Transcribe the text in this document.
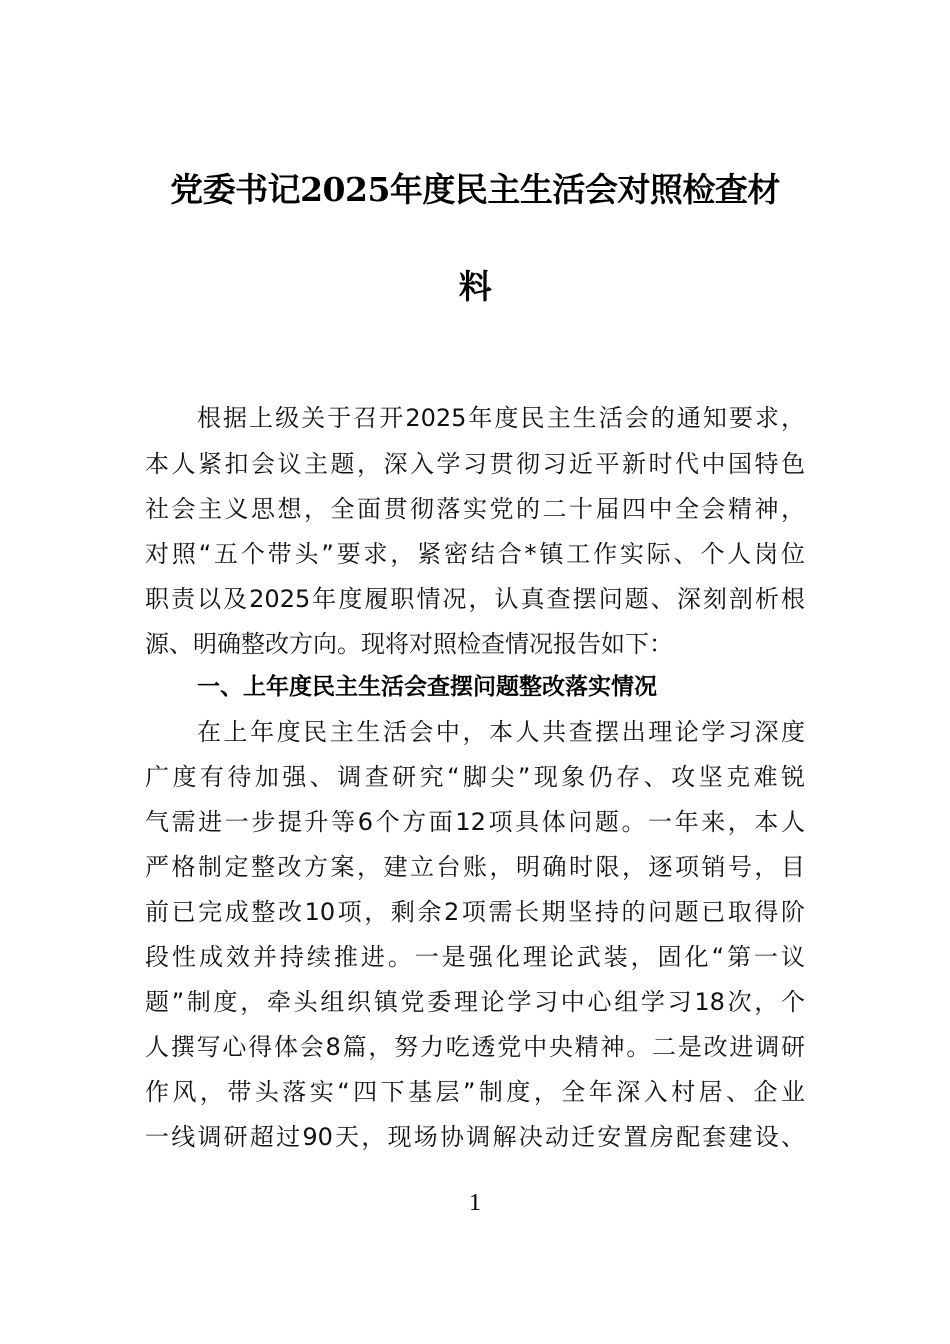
党委书记2025年度民主生活会对照检查材
料
根据上级关于召开2025年度民主生活会的通知要求，
本人紧扣会议主题，深入学习贯彻习近平新时代中国特色
社会主义思想，全面贯彻落实党的二十届四中全会精神，
对照“五个带头”要求，紧密结合*镇工作实际、个人岗位
职责以及2025年度履职情况，认真查摆问题、深刻剖析根
源、明确整改方向。现将对照检查情况报告如下：
一、上年度民主生活会查摆问题整改落实情况
在上年度民主生活会中，本人共查摆出理论学习深度
广度有待加强、调查研究“脚尖”现象仍存、攻坚克难锐
气需进一步提升等6个方面12项具体问题。一年来，本人
严格制定整改方案，建立台账，明确时限，逐项销号，目
前已完成整改10项，剩余2项需长期坚持的问题已取得阶
段性成效并持续推进。一是强化理论武装，固化“第一议
题”制度，牵头组织镇党委理论学习中心组学习18次，个
人撰写心得体会8篇，努力吃透党中央精神。二是改进调研
作风，带头落实“四下基层”制度，全年深入村居、企业
一线调研超过90天，现场协调解决动迁安置房配套建设、
1
